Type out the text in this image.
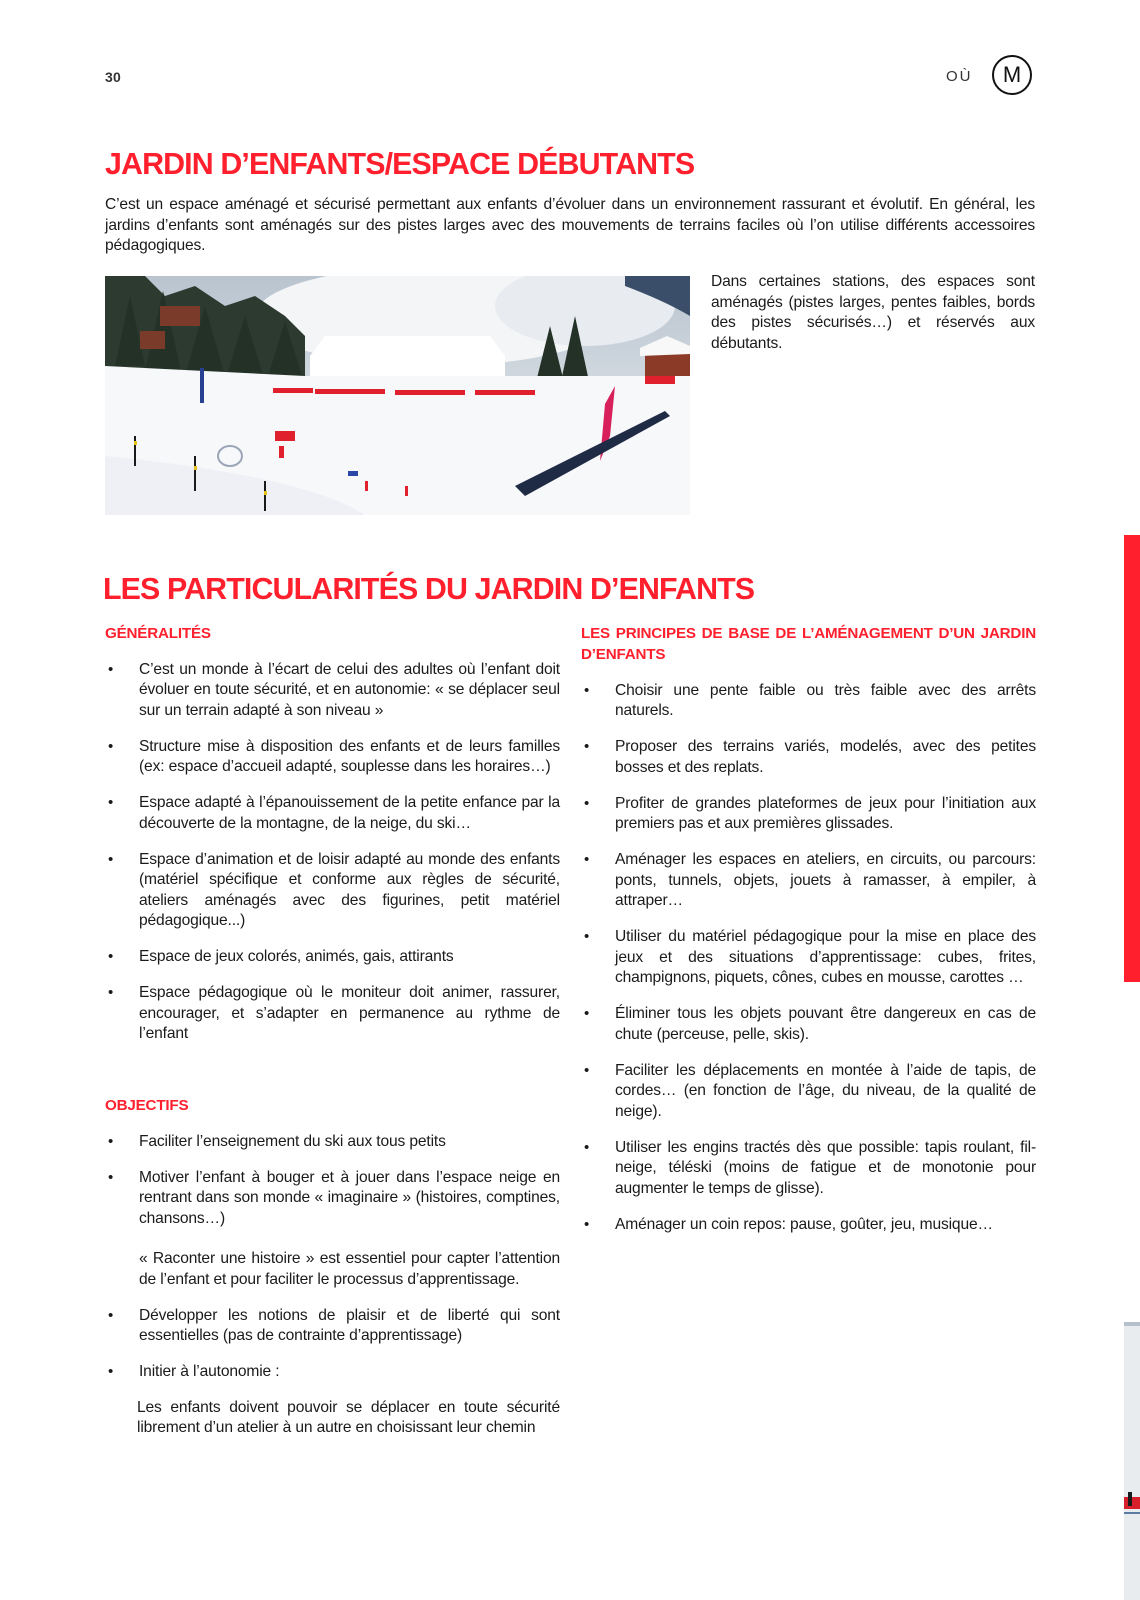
30	OÙ M
JARDIN D’ENFANTS/ESPACE DÉBUTANTS

C’est un espace aménagé et sécurisé permettant aux enfants d’évoluer dans un environnement rassurant et évolutif. En général, les jardins d’enfants sont aménagés sur des pistes larges avec des mouvements de terrains faciles où l’on utilise différents accessoires pédagogiques.

Dans certaines stations, des espaces sont aménagés (pistes larges, pentes faibles, bords des pistes sécurisés…) et réservés aux débutants.

LES PARTICULARITÉS DU JARDIN D’ENFANTS
GÉNÉRALITÉS
• C’est un monde à l’écart de celui des adultes où l’enfant doit évoluer en toute sécurité, et en autonomie: « se déplacer seul sur un terrain adapté à son niveau »
• Structure mise à disposition des enfants et de leurs familles (ex: espace d’accueil adapté, souplesse dans les horaires…)
• Espace adapté à l’épanouissement de la petite enfance par la découverte de la montagne, de la neige, du ski…
• Espace d’animation et de loisir adapté au monde des enfants (matériel spécifique et conforme aux règles de sécurité, ateliers aménagés avec des figurines, petit matériel pédagogique...)
• Espace de jeux colorés, animés, gais, attirants
• Espace pédagogique où le moniteur doit animer, rassurer, encourager, et s’adapter en permanence au rythme de l’enfant
OBJECTIFS
• Faciliter l’enseignement du ski aux tous petits
• Motiver l’enfant à bouger et à jouer dans l’espace neige en rentrant dans son monde « imaginaire » (histoires, comptines, chansons…)
« Raconter une histoire » est essentiel pour capter l’attention de l’enfant et pour faciliter le processus d’apprentissage.
• Développer les notions de plaisir et de liberté qui sont essentielles (pas de contrainte d’apprentissage)
• Initier à l’autonomie :
Les enfants doivent pouvoir se déplacer en toute sécurité librement d’un atelier à un autre en choisissant leur chemin
LES PRINCIPES DE BASE DE L’AMÉNAGEMENT D’UN JARDIN D’ENFANTS
• Choisir une pente faible ou très faible avec des arrêts naturels.
• Proposer des terrains variés, modelés, avec des petites bosses et des replats.
• Profiter de grandes plateformes de jeux pour l’initiation aux premiers pas et aux premières glissades.
• Aménager les espaces en ateliers, en circuits, ou parcours: ponts, tunnels, objets, jouets à ramasser, à empiler, à attraper…
• Utiliser du matériel pédagogique pour la mise en place des jeux et des situations d’apprentissage: cubes, frites, champignons, piquets, cônes, cubes en mousse, carottes …
• Éliminer tous les objets pouvant être dangereux en cas de chute (perceuse, pelle, skis).
• Faciliter les déplacements en montée à l’aide de tapis, de cordes… (en fonction de l’âge, du niveau, de la qualité de neige).
• Utiliser les engins tractés dès que possible: tapis roulant, fil-neige, téléski (moins de fatigue et de monotonie pour augmenter le temps de glisse).
• Aménager un coin repos: pause, goûter, jeu, musique…
